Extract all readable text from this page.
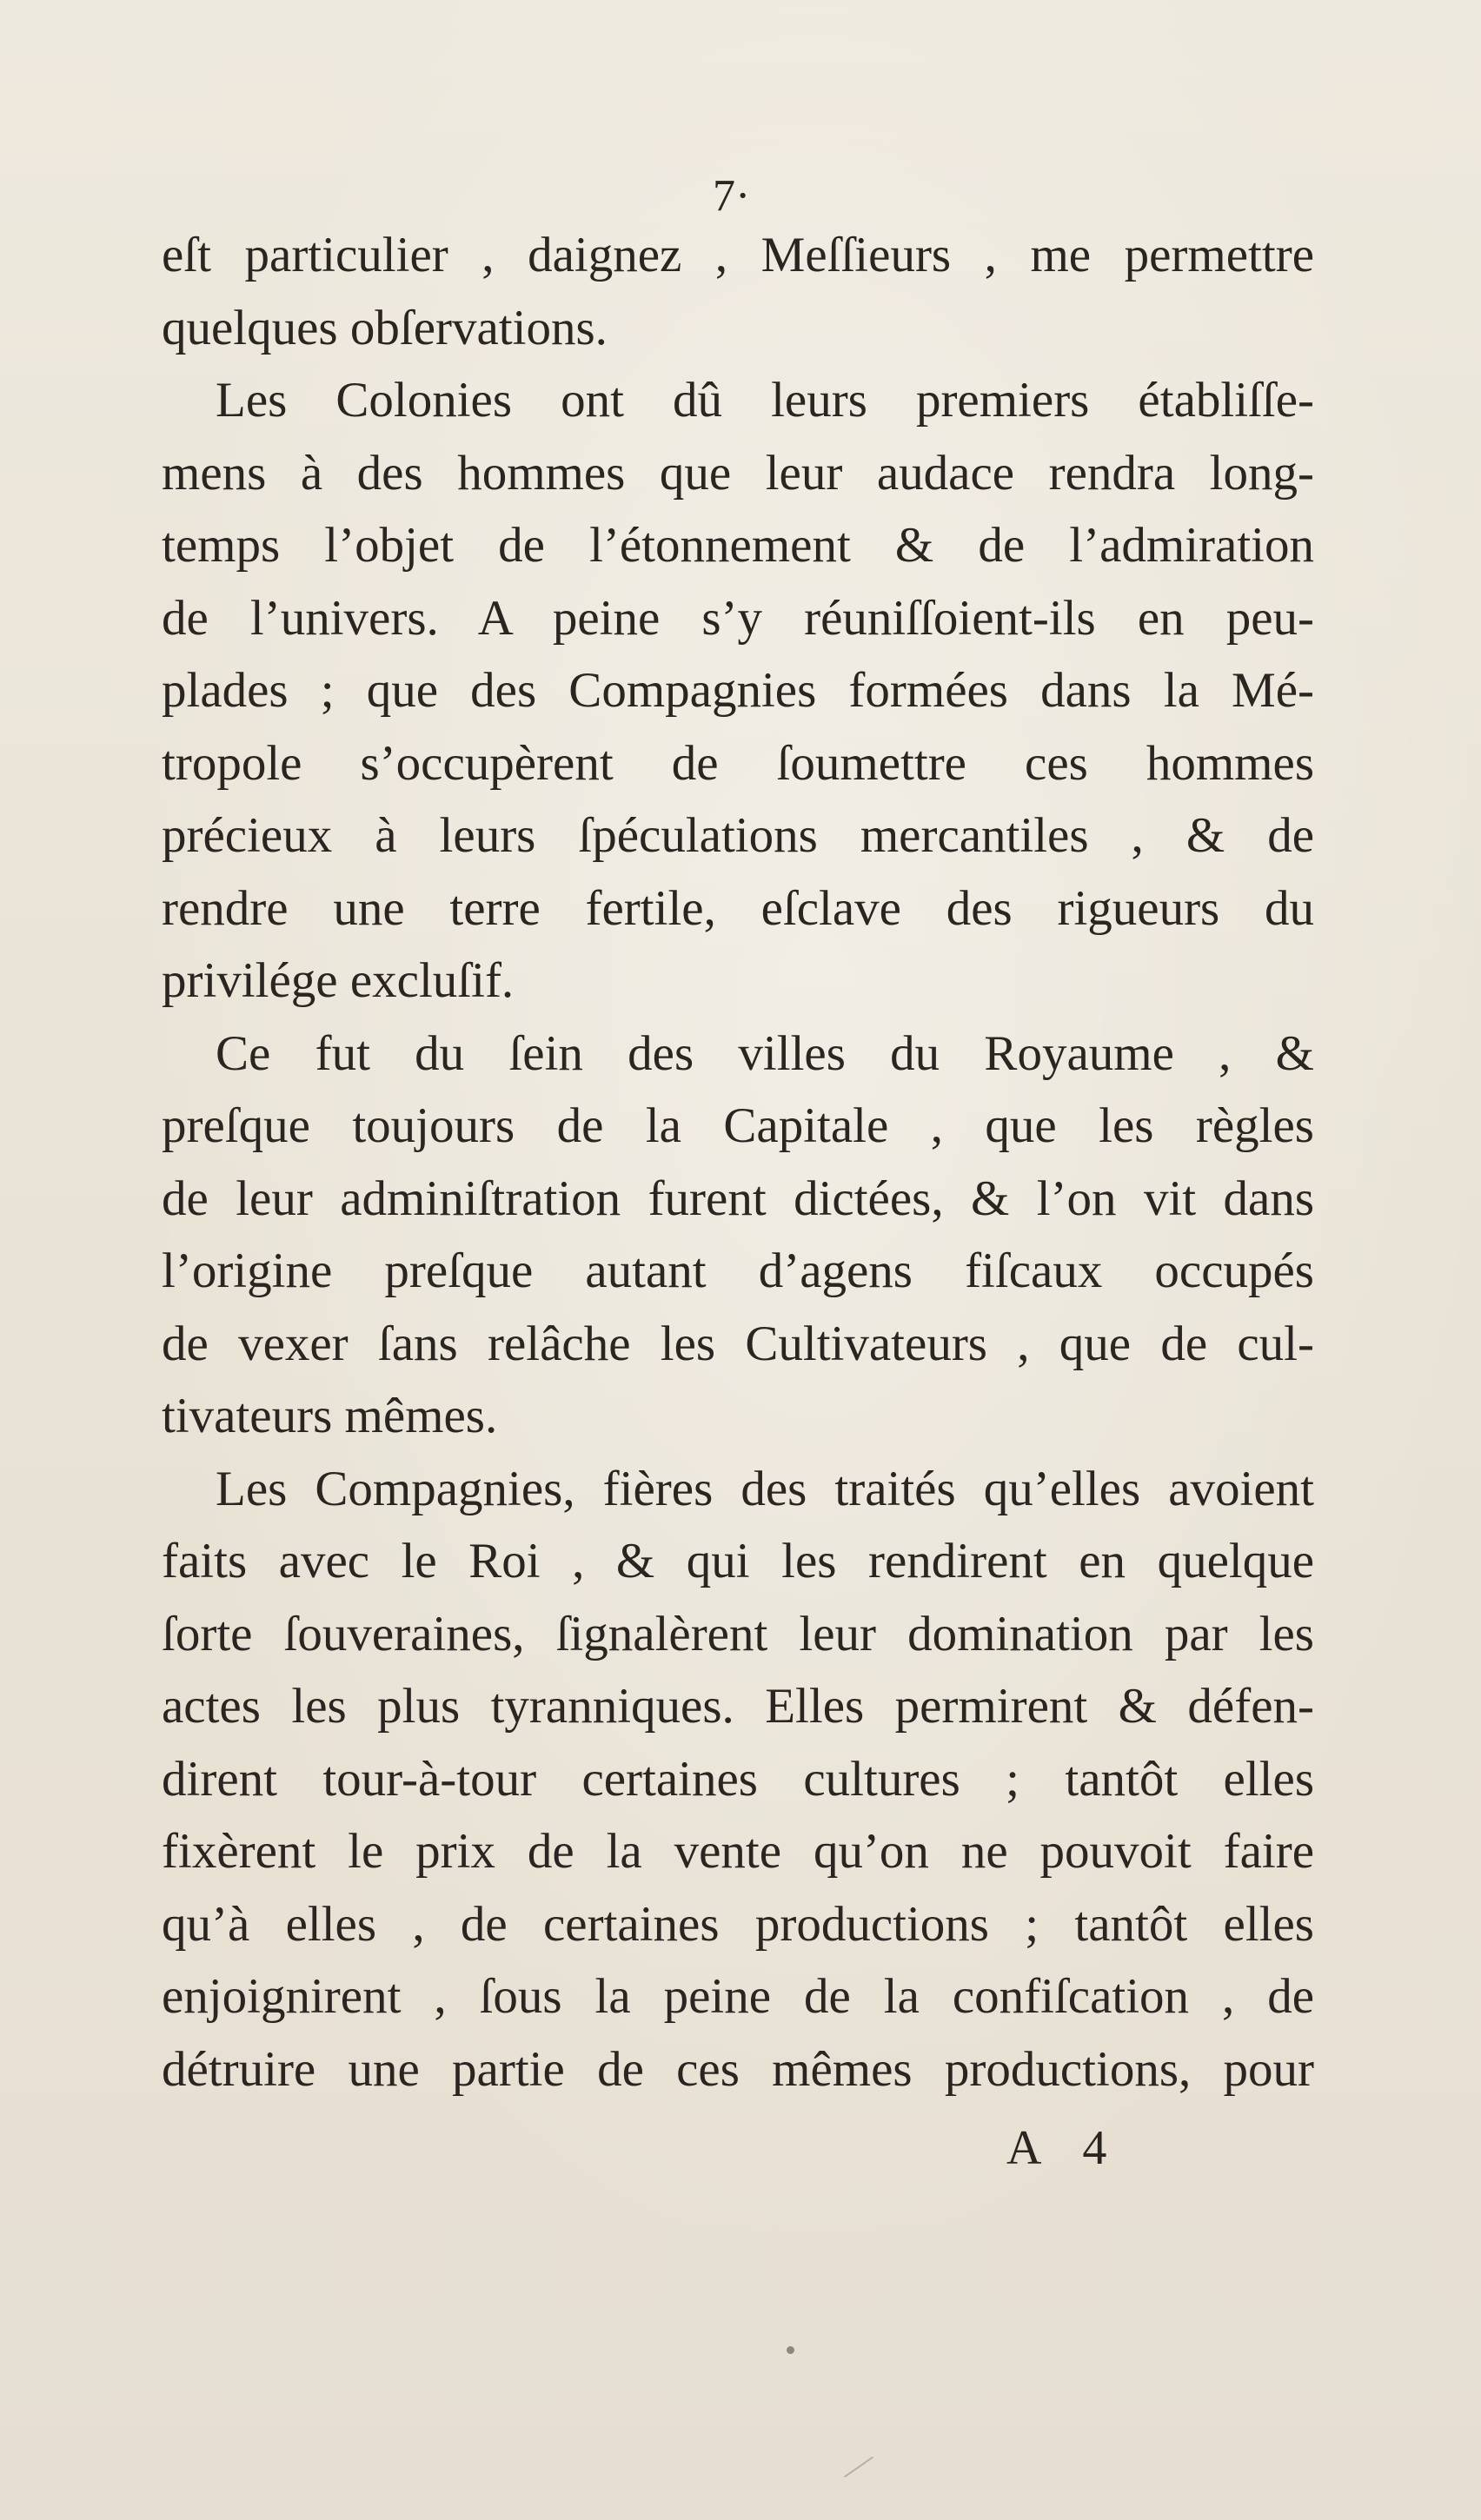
7·
eſt particulier , daignez , Meſſieurs , me permettre
quelques obſervations.
Les Colonies ont dû leurs premiers établiſſe-
mens à des hommes que leur audace rendra long-
temps l’objet de l’étonnement & de l’admiration
de l’univers. A peine s’y réuniſſoient-ils en peu-
plades ; que des Compagnies formées dans la Mé-
tropole s’occupèrent de ſoumettre ces hommes
précieux à leurs ſpéculations mercantiles , & de
rendre une terre fertile, eſclave des rigueurs du
privilége excluſif.
Ce fut du ſein des villes du Royaume , &
preſque toujours de la Capitale , que les règles
de leur adminiſtration furent dictées, & l’on vit dans
l’origine preſque autant d’agens fiſcaux occupés
de vexer ſans relâche les Cultivateurs , que de cul-
tivateurs mêmes.
Les Compagnies, fières des traités qu’elles avoient
faits avec le Roi , & qui les rendirent en quelque
ſorte ſouveraines, ſignalèrent leur domination par les
actes les plus tyranniques. Elles permirent & défen-
dirent tour-à-tour certaines cultures ; tantôt elles
fixèrent le prix de la vente qu’on ne pouvoit faire
qu’à elles , de certaines productions ; tantôt elles
enjoignirent , ſous la peine de la confiſcation , de
détruire une partie de ces mêmes productions, pour
A 4
